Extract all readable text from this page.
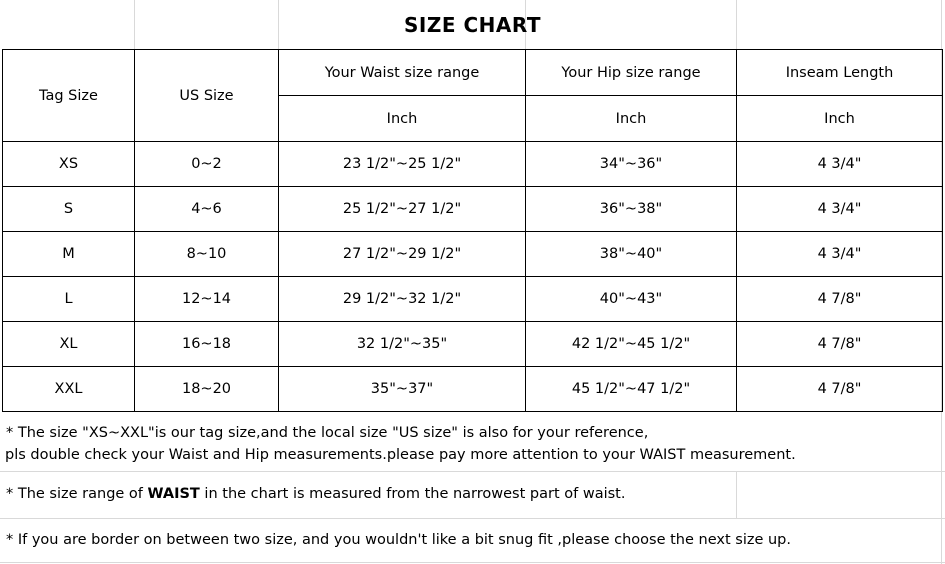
SIZE CHART
Tag Size	US Size	Your Waist size range	Your Hip size range	Inseam Length
		Inch	Inch	Inch
XS	0~2	23 1/2"~25 1/2"	34"~36"	4 3/4"
S	4~6	25 1/2"~27 1/2"	36"~38"	4 3/4"
M	8~10	27 1/2"~29 1/2"	38"~40"	4 3/4"
L	12~14	29 1/2"~32 1/2"	40"~43"	4 7/8"
XL	16~18	32 1/2"~35"	42 1/2"~45 1/2"	4 7/8"
XXL	18~20	35"~37"	45 1/2"~47 1/2"	4 7/8"
* The size "XS~XXL"is our tag size,and the local size "US size" is also for your reference,
pls double check your Waist and Hip measurements.please pay more attention to your WAIST measurement.
* The size range of WAIST in the chart is measured from the narrowest part of waist.
* If you are border on between two size, and you wouldn't like a bit snug fit ,please choose the next size up.
